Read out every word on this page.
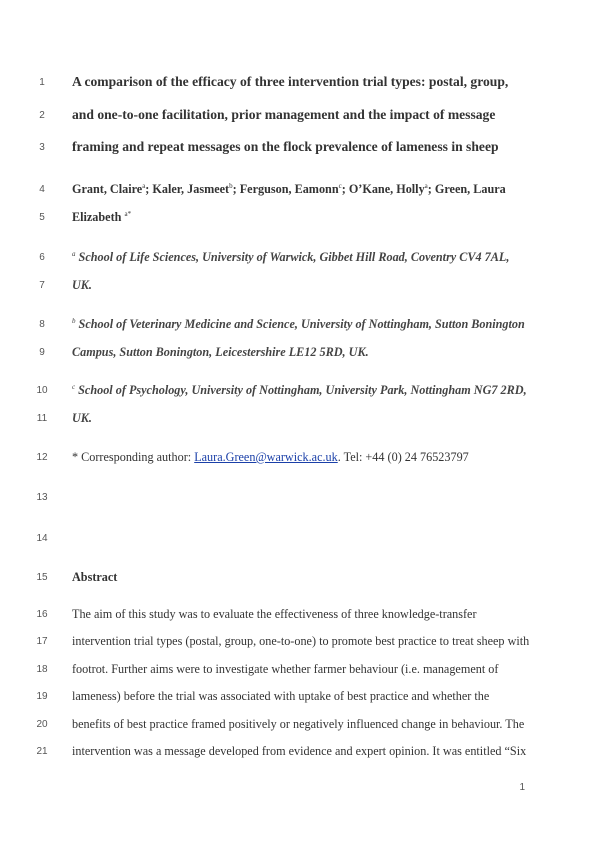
1
2
3
4
5
6
7
8
9
10
11
12
13
14
15
16
17
18
19
20
21
A comparison of the efficacy of three intervention trial types: postal, group,
and one-to-one facilitation, prior management and the impact of message
framing and repeat messages on the flock prevalence of lameness in sheep
Grant, Claire$^a$; Kaler, Jasmeet$^b$; Ferguson, Eamonn$^c$; O’Kane, Holly$^a$; Green, Laura
Elizabeth $^{a*}$
$^a$ School of Life Sciences, University of Warwick, Gibbet Hill Road, Coventry CV4 7AL,
UK.
$^b$ School of Veterinary Medicine and Science, University of Nottingham, Sutton Bonington
Campus, Sutton Bonington, Leicestershire LE12 5RD, UK.
$^c$ School of Psychology, University of Nottingham, University Park, Nottingham NG7 2RD,
UK.
* Corresponding author: Laura.Green@warwick.ac.uk. Tel: +44 (0) 24 76523797
Abstract
The aim of this study was to evaluate the effectiveness of three knowledge-transfer
intervention trial types (postal, group, one-to-one) to promote best practice to treat sheep with
footrot. Further aims were to investigate whether farmer behaviour (i.e. management of
lameness) before the trial was associated with uptake of best practice and whether the
benefits of best practice framed positively or negatively influenced change in behaviour. The
intervention was a message developed from evidence and expert opinion. It was entitled “Six
1
